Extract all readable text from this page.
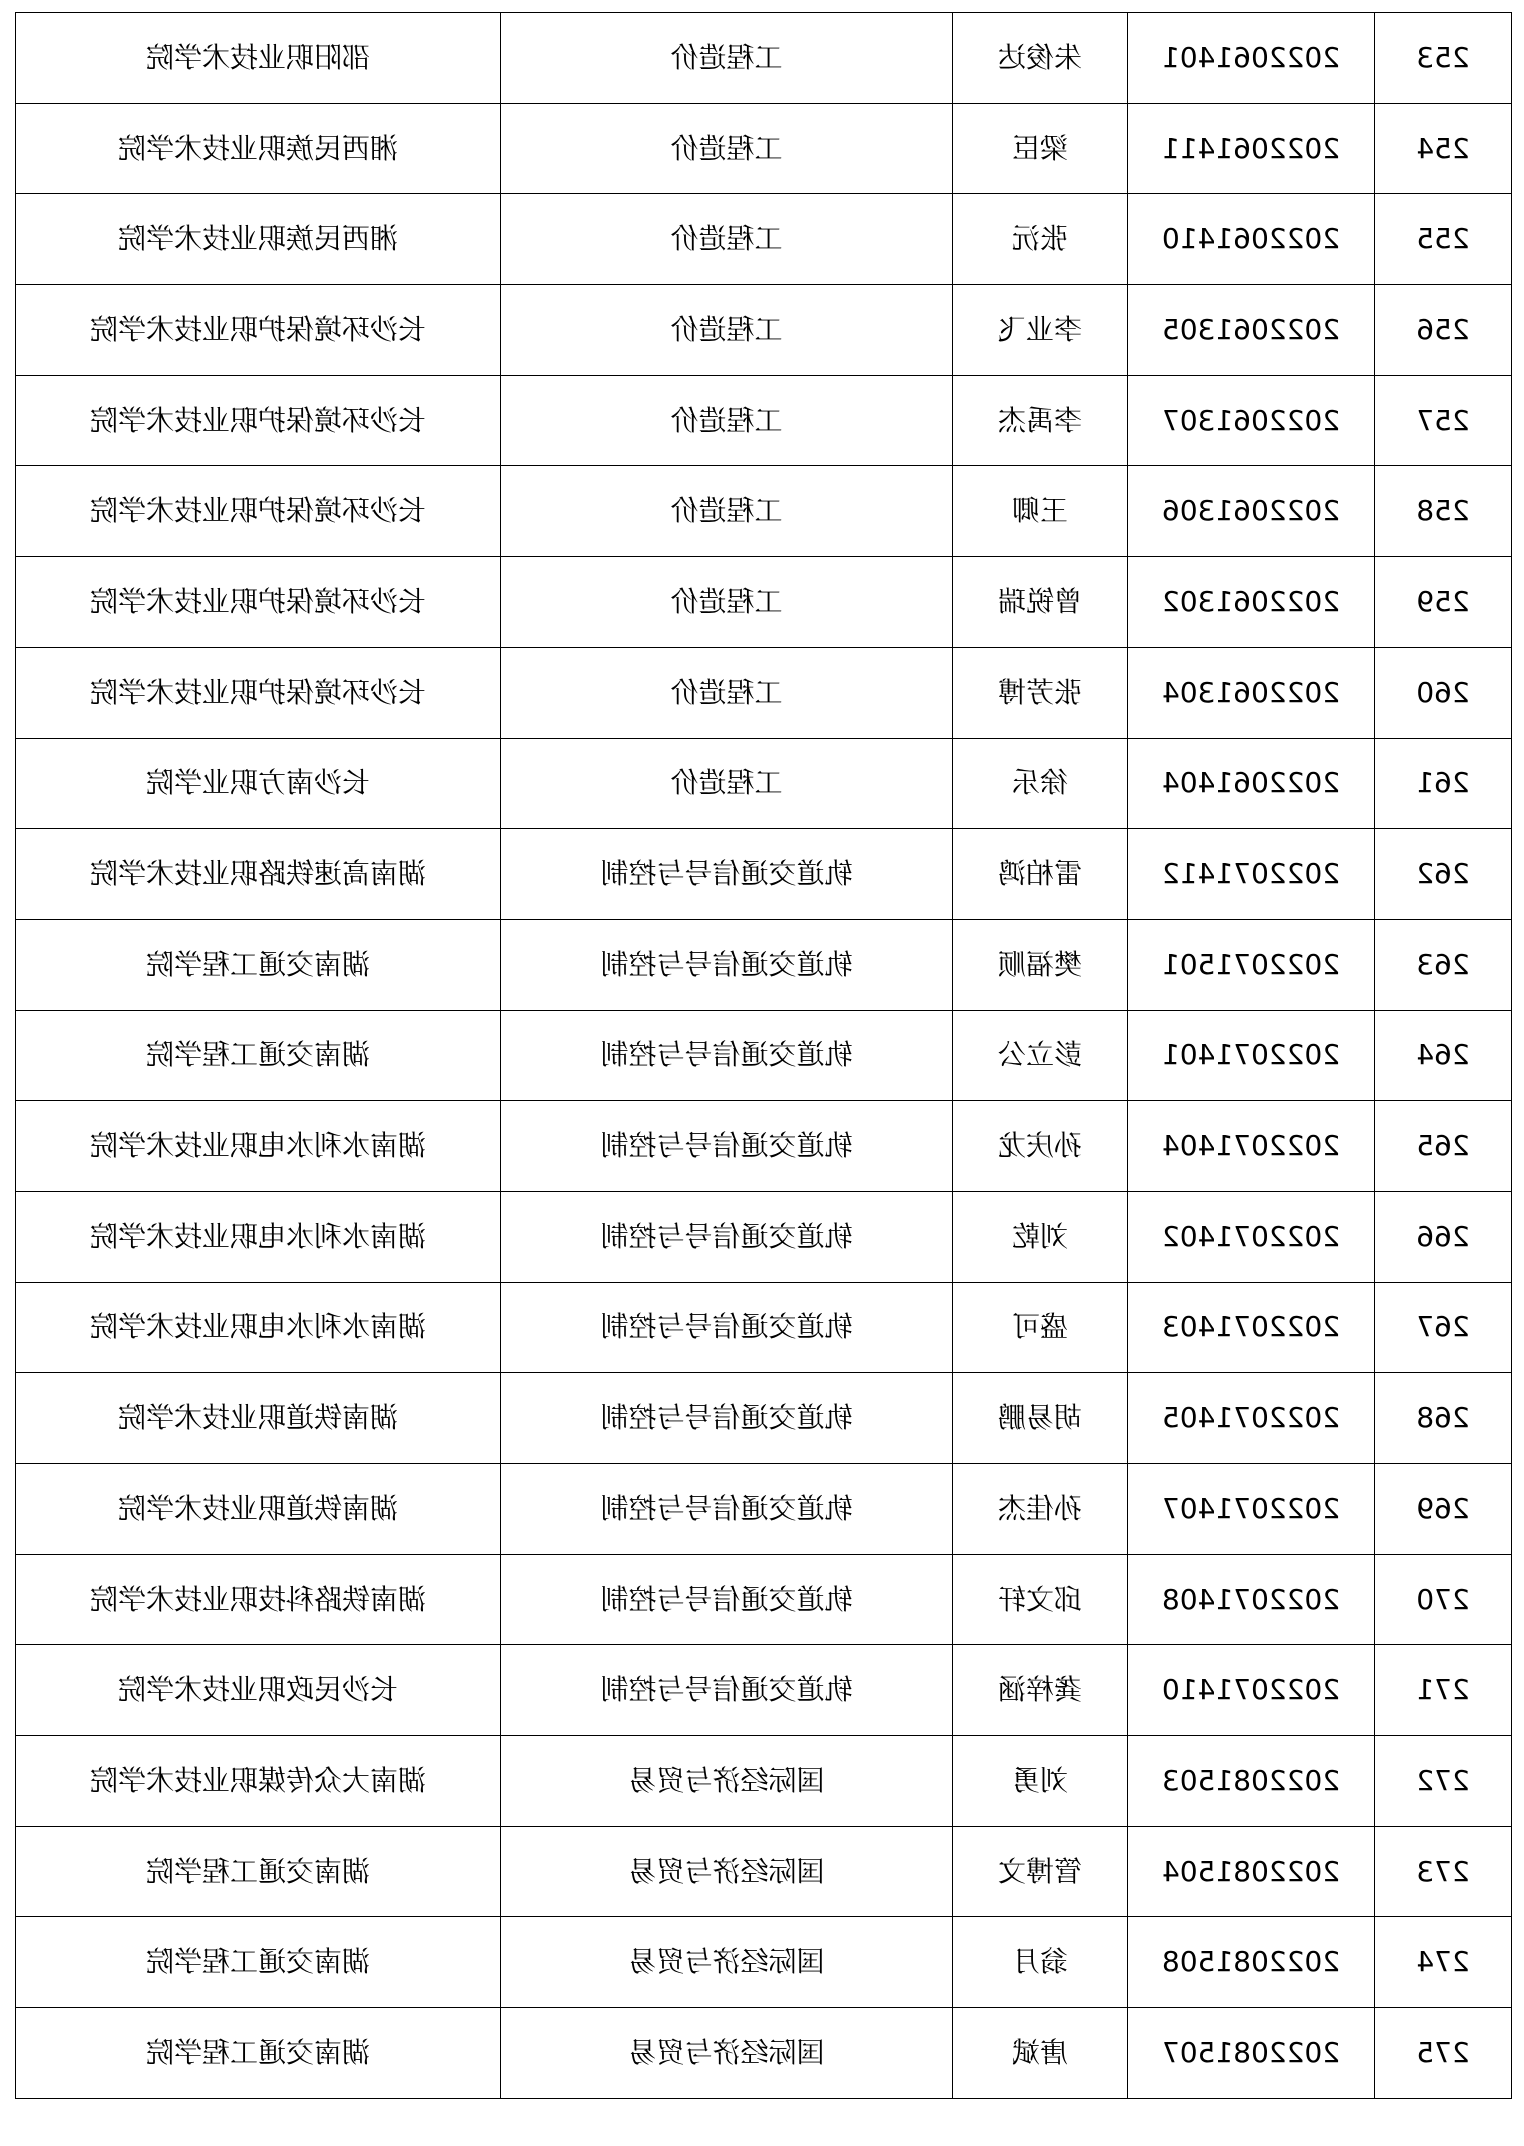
253	2022061401	朱俊达	工程造价	邵阳职业技术学院
254	2022061411	梁臣	工程造价	湘西民族职业技术学院
255	2022061410	张沅	工程造价	湘西民族职业技术学院
256	2022061305	李业飞	工程造价	长沙环境保护职业技术学院
257	2022061307	李禹杰	工程造价	长沙环境保护职业技术学院
258	2022061306	王卿	工程造价	长沙环境保护职业技术学院
259	2022061302	曾锐瑞	工程造价	长沙环境保护职业技术学院
260	2022061304	张芳博	工程造价	长沙环境保护职业技术学院
261	2022061404	徐乐	工程造价	长沙南方职业学院
262	2022071412	雷柏鸿	轨道交通信号与控制	湖南高速铁路职业技术学院
263	2022071501	樊福顺	轨道交通信号与控制	湖南交通工程学院
264	2022071401	彭立公	轨道交通信号与控制	湖南交通工程学院
265	2022071404	孙庆龙	轨道交通信号与控制	湖南水利水电职业技术学院
266	2022071402	刘乾	轨道交通信号与控制	湖南水利水电职业技术学院
267	2022071403	盛可	轨道交通信号与控制	湖南水利水电职业技术学院
268	2022071405	胡易鹏	轨道交通信号与控制	湖南铁道职业技术学院
269	2022071407	孙佳杰	轨道交通信号与控制	湖南铁道职业技术学院
270	2022071408	邱文轩	轨道交通信号与控制	湖南铁路科技职业技术学院
271	2022071410	龚梓涵	轨道交通信号与控制	长沙民政职业技术学院
272	2022081503	刘勇	国际经济与贸易	湖南大众传媒职业技术学院
273	2022081504	管博文	国际经济与贸易	湖南交通工程学院
274	2022081508	翁月	国际经济与贸易	湖南交通工程学院
275	2022081507	唐斌	国际经济与贸易	湖南交通工程学院
